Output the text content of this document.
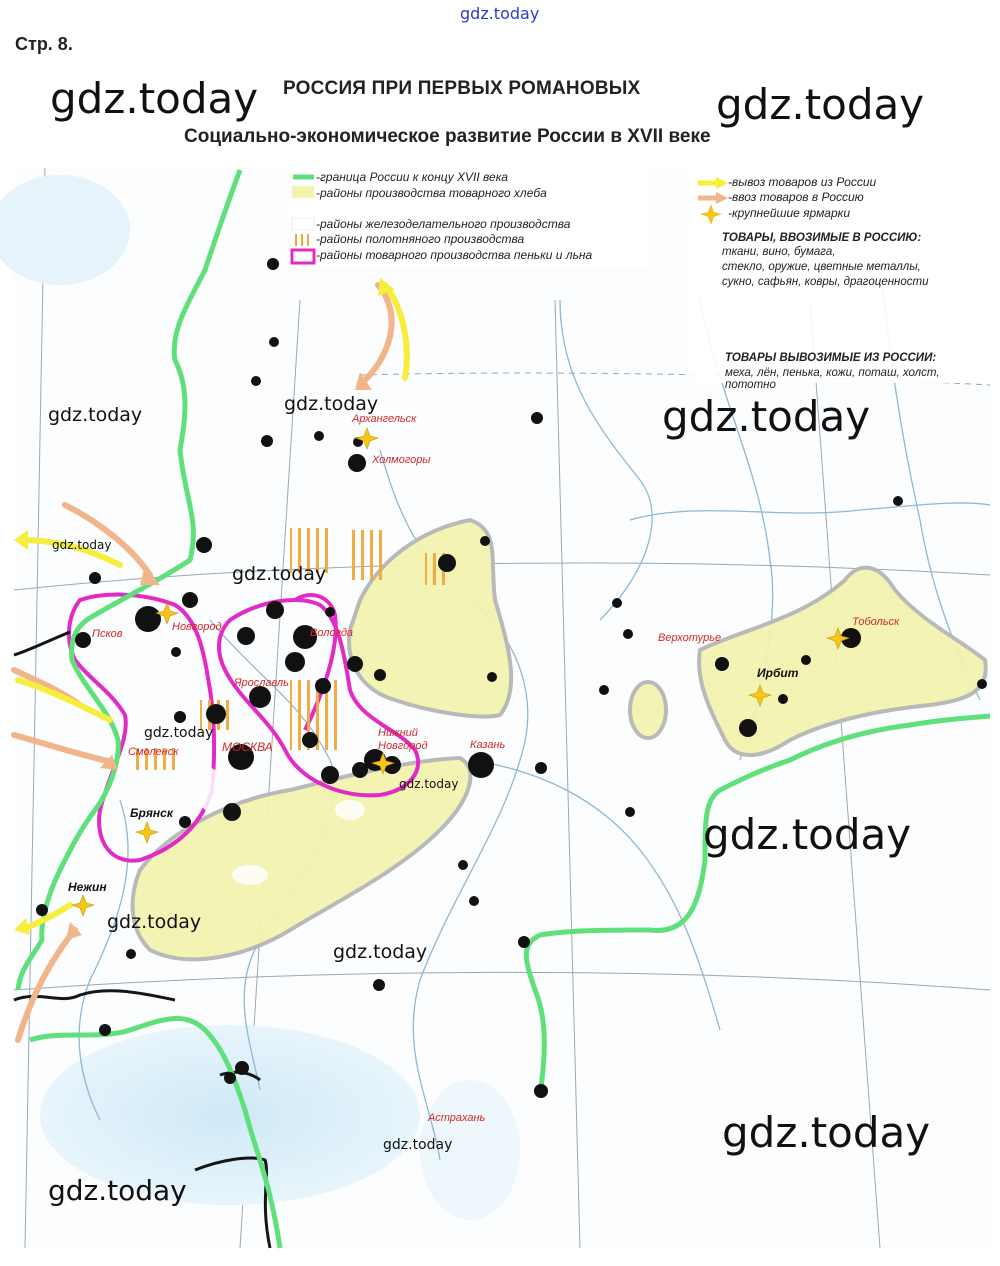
gdz.today
Стр. 8.
РОССИЯ ПРИ ПЕРВЫХ РОМАНОВЫХ
Социально-экономическое развитие России в XVII веке
-граница России к концу XVII века
-районы производства товарного хлеба
-районы железоделательного производства
-районы полотняного производства
-районы товарного производства пеньки и льна
-вывоз товаров из России
-ввоз товаров в Россию
-крупнейшие ярмарки
ТОВАРЫ, ВВОЗИМЫЕ В РОССИЮ:
ткани, вино, бумага,
стекло, оружие, цветные металлы,
сукно, сафьян, ковры, драгоценности
ТОВАРЫ ВЫВОЗИМЫЕ ИЗ РОССИИ:
меха, лён, пенька, кожи, поташ, холст,
пототно
Архангельск
Холмогоры
Вологда
Псков
Новгород
Ярославль
МОСКВА
Смоленск
Нижний
Новгород	Казань
Верхотурье
Тобольск
Ирбит
Брянск
Нежин
Астрахань
gdz.today	gdz.today
gdz.today
gdz.today
gdz.today
gdz.today	gdz.today
gdz.today
gdz.today
gdz.today
gdz.today
gdz.today
gdz.today
gdz.today
gdz.today
